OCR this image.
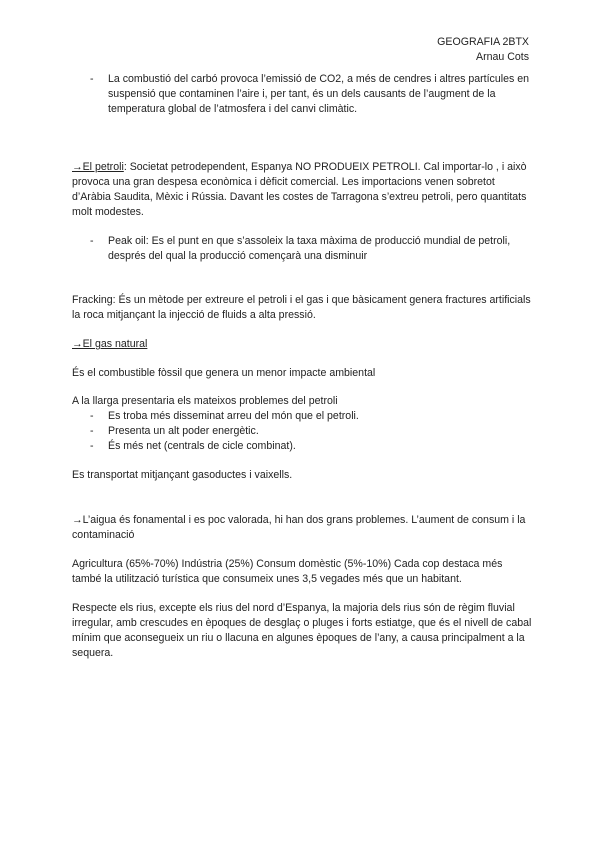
GEOGRAFIA 2BTX
Arnau Cots
- La combustió del carbó provoca l’emissió de CO2, a més de cendres i altres partícules en suspensió que contaminen l’aire i, per tant, és un dels causants de l’augment de la temperatura global de l’atmosfera i del canvi climàtic.

→El petroli: Societat petrodependent, Espanya NO PRODUEIX PETROLI. Cal importar-lo , i això provoca una gran despesa econòmica i dèficit comercial. Les importacions venen sobretot d’Aràbia Saudita, Mèxic i Rússia. Davant les costes de Tarragona s’extreu petroli, pero quantitats molt modestes.

- Peak oil: Es el punt en que s’assoleix la taxa màxima de producció mundial de petroli, després del qual la producció començarà una disminuir

Fracking: És un mètode per extreure el petroli i el gas i que bàsicament genera fractures artificials la roca mitjançant la injecció de fluids a alta pressió.

→El gas natural

És el combustible fòssil que genera un menor impacte ambiental

A la llarga presentaria els mateixos problemes del petroli

- Es troba més disseminat arreu del món que el petroli.
- Presenta un alt poder energètic.
- És més net (centrals de cicle combinat).

Es transportat mitjançant gasoductes i vaixells.

→L’aigua és fonamental i es poc valorada, hi han dos grans problemes. L’aument de consum i la contaminació

Agricultura (65%-70%) Indústria (25%) Consum domèstic (5%-10%) Cada cop destaca més també la utilització turística que consumeix unes 3,5 vegades més que un habitant.

Respecte els rius, excepte els rius del nord d’Espanya, la majoria dels rius són de règim fluvial irregular, amb crescudes en èpoques de desglaç o pluges i forts estiatge, que és el nivell de cabal mínim que aconsegueix un riu o llacuna en algunes èpoques de l’any, a causa principalment a la sequera.
